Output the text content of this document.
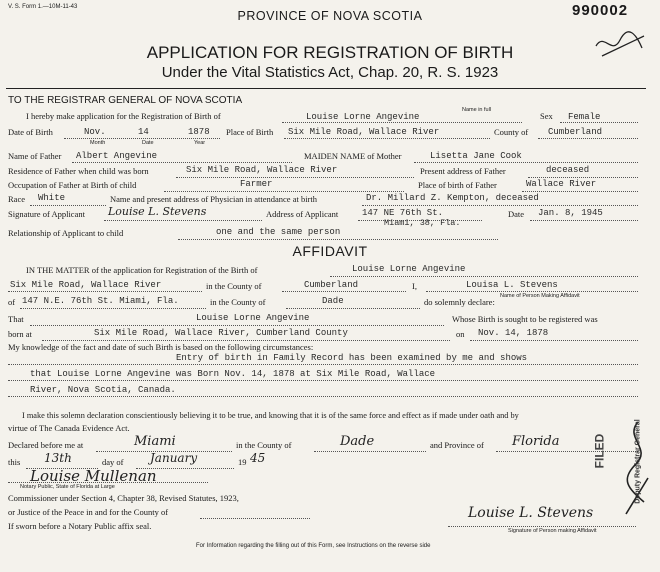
V. S. Form 1.—10M-11-43	990002
PROVINCE OF NOVA SCOTIA
APPLICATION FOR REGISTRATION OF BIRTH
Under the Vital Statistics Act, Chap. 20, R. S. 1923
TO THE REGISTRAR GENERAL OF NOVA SCOTIA
I hereby make application for the Registration of Birth of	Louise Lorne Angevine
Name in full
Sex Female
Date of Birth	Nov.	14	1878
Month	Date	Year
Place of Birth Six Mile Road, Wallace River	County of Cumberland
Name of Father Albert Angevine	MAIDEN NAME of Mother	Lisetta Jane Cook
Residence of Father when child was born	Six Mile Road, Wallace River	Present address of Father	deceased
Occupation of Father at Birth of child	Farmer	Place of birth of Father	Wallace River
Race White	Name and present address of Physician in attendance at birth	Dr. Millard Z. Kempton, deceased
Signature of Applicant Louise L. Stevens	Address of Applicant	147 NE 76th St.
Miami, 38, Fla.
Date Jan. 8, 1945
Relationship of Applicant to child	one and the same person
AFFIDAVIT
IN THE MATTER of the application for Registration of the Birth of	Louise Lorne Angevine
Six Mile Road, Wallace River	in the County of	Cumberland	I,	Louisa L. Stevens
Name of Person Making Affidavit
of 147 N.E. 76th St. Miami, Fla.	in the County of	Dade	do solemnly declare:
That	Louise Lorne Angevine	Whose Birth is sought to be registered was
born at	Six Mile Road, Wallace River, Cumberland County	on Nov. 14, 1878
My knowledge of the fact and date of such Birth is based on the following circumstances:
Entry of birth in Family Record has been examined by me and shows
that Louise Lorne Angevine was Born Nov. 14, 1878 at Six Mile Road, Wallace
River, Nova Scotia, Canada.
I make this solemn declaration conscientiously believing it to be true, and knowing that it is of the same force and effect as if made under oath and by
virtue of The Canada Evidence Act.
Declared before me at	Miami	in the County of	Dade	and Province of Florida
this 13th	day of January	19 45
Louise Mullenan
Notary Public, State of Florida at Large
Commissioner under Section 4, Chapter 38, Revised Statutes, 1923,
or Justice of the Peace in and for the County of
If sworn before a Notary Public affix seal.
Louise L. Stevens
Signature of Person making Affidavit
For Information regarding the filling out of this Form, see Instructions on the reverse side
FILED	Deputy Registrar General
